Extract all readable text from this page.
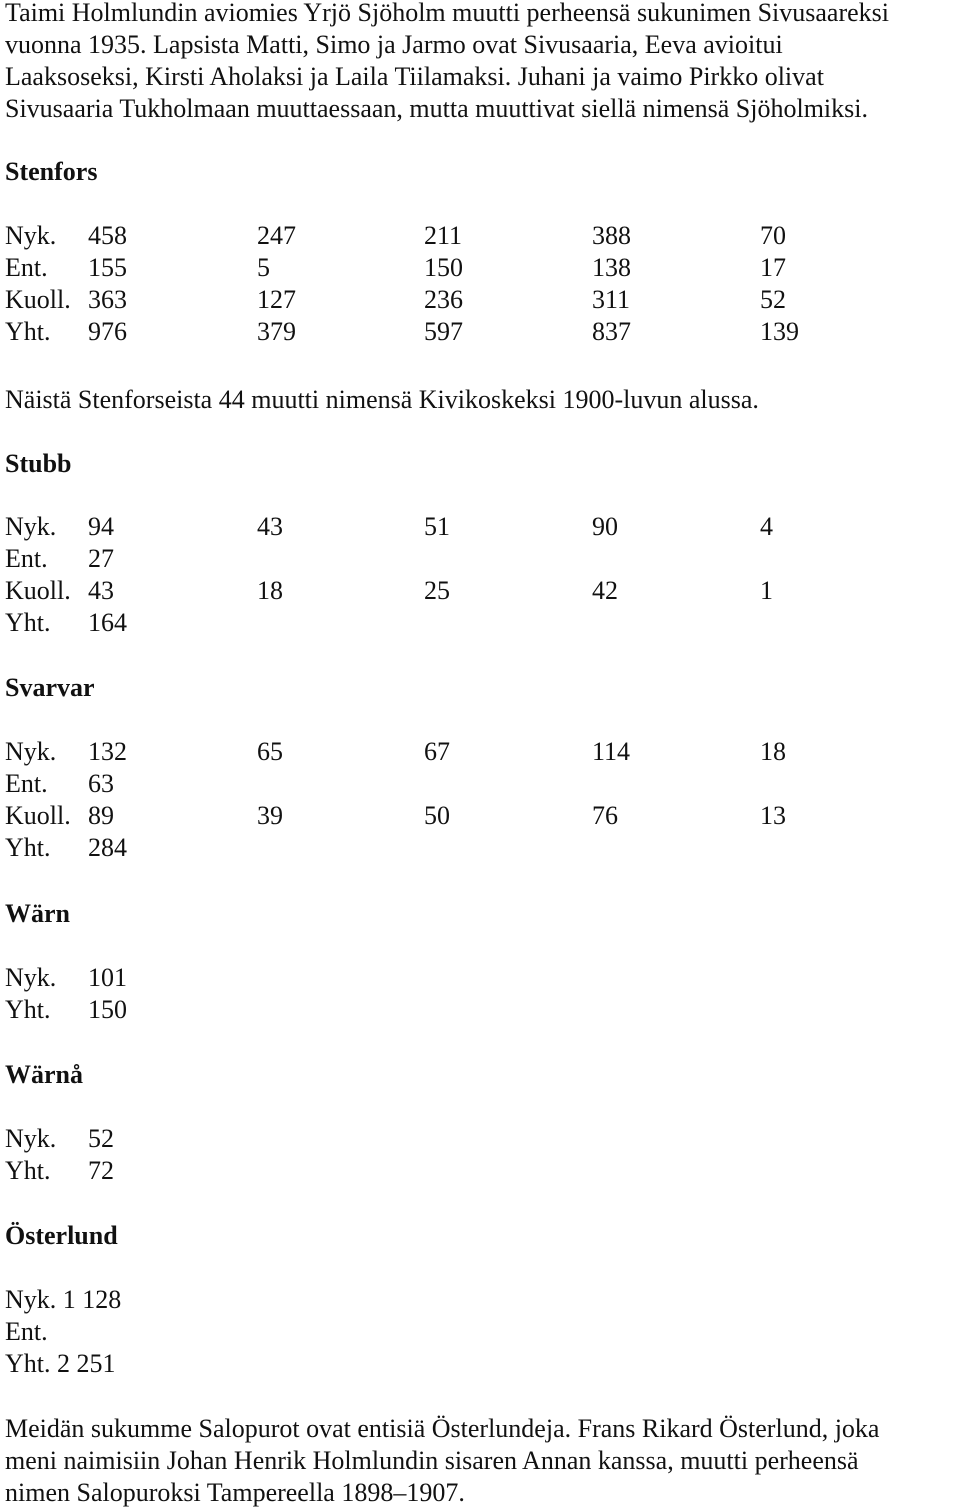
Taimi Holmlundin aviomies Yrjö Sjöholm muutti perheensä sukunimen Sivusaareksi
vuonna 1935. Lapsista Matti, Simo ja Jarmo ovat Sivusaaria, Eeva avioitui
Laaksoseksi, Kirsti Aholaksi ja Laila Tiilamaksi. Juhani ja vaimo Pirkko olivat
Sivusaaria Tukholmaan muuttaessaan, mutta muuttivat siellä nimensä Sjöholmiksi.
Stenfors
Nyk. 458	247	211	388	70
Ent. 155	5	150	138	17
Kuoll. 363	127	236	311	52
Yht. 976	379	597	837	139

Näistä Stenforseista 44 muutti nimensä Kivikoskeksi 1900-luvun alussa.

Stubb
Nyk. 94	43	51	90	4
Ent. 27
Kuoll. 43	18	25	42	1
Yht. 164
Svarvar
Nyk. 132	65	67	114	18
Ent. 63
Kuoll. 89	39	50	76	13
Yht. 284
Wärn
Nyk. 101
Yht. 150
Wärnå
Nyk. 52
Yht. 72
Österlund
Nyk. 1 128
Ent.
Yht. 2 251
Meidän sukumme Salopurot ovat entisiä Österlundeja. Frans Rikard Österlund, joka
meni naimisiin Johan Henrik Holmlundin sisaren Annan kanssa, muutti perheensä
nimen Salopuroksi Tampereella 1898–1907.
